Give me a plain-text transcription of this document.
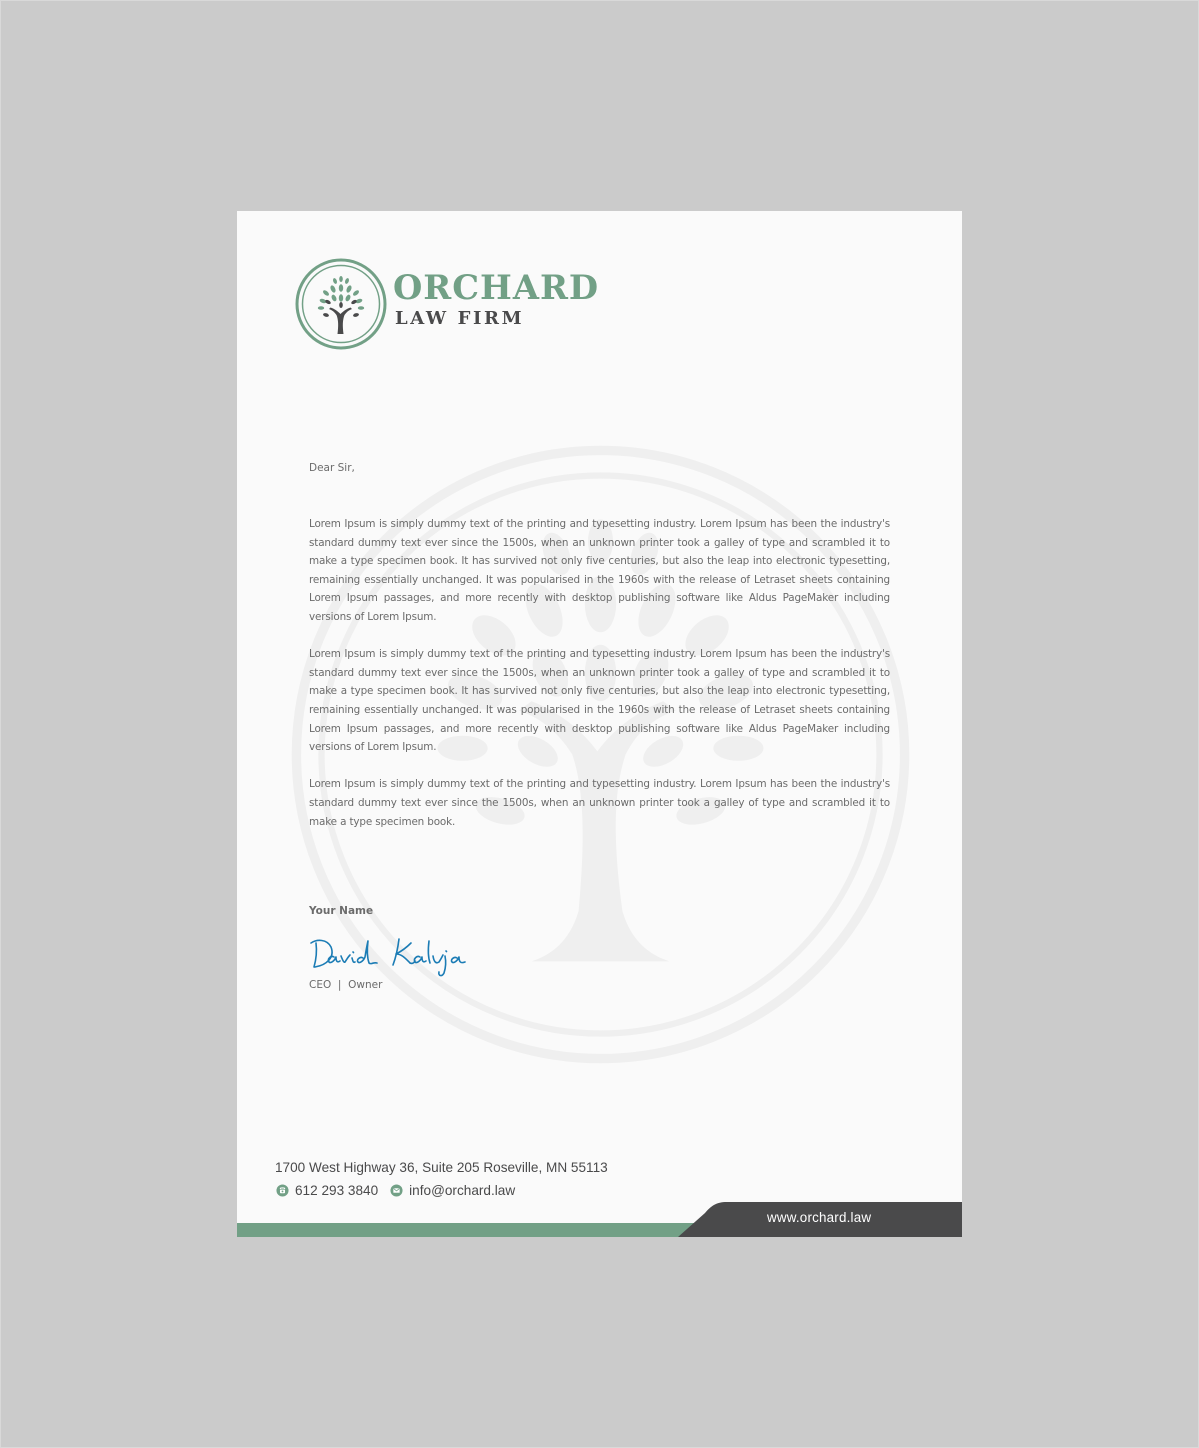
ORCHARD
LAW FIRM
Dear Sir,

Lorem Ipsum is simply dummy text of the printing and typesetting industry. Lorem Ipsum has been the industry's standard dummy text ever since the 1500s, when an unknown printer took a galley of type and scrambled it to make a type specimen book. It has survived not only five centuries, but also the leap into electronic typesetting, remaining essentially unchanged. It was popularised in the 1960s with the release of Letraset sheets containing Lorem Ipsum passages, and more recently with desktop publishing software like Aldus PageMaker including versions of Lorem Ipsum.

Lorem Ipsum is simply dummy text of the printing and typesetting industry. Lorem Ipsum has been the industry's standard dummy text ever since the 1500s, when an unknown printer took a galley of type and scrambled it to make a type specimen book. It has survived not only five centuries, but also the leap into electronic typesetting, remaining essentially unchanged. It was popularised in the 1960s with the release of Letraset sheets containing Lorem Ipsum passages, and more recently with desktop publishing software like Aldus PageMaker including versions of Lorem Ipsum.

Lorem Ipsum is simply dummy text of the printing and typesetting industry. Lorem Ipsum has been the industry's standard dummy text ever since the 1500s, when an unknown printer took a galley of type and scrambled it to make a type specimen book.

Your Name
CEO  |  Owner
1700 West Highway 36, Suite 205 Roseville, MN 55113
612 293 3840 info@orchard.law
www.orchard.law
